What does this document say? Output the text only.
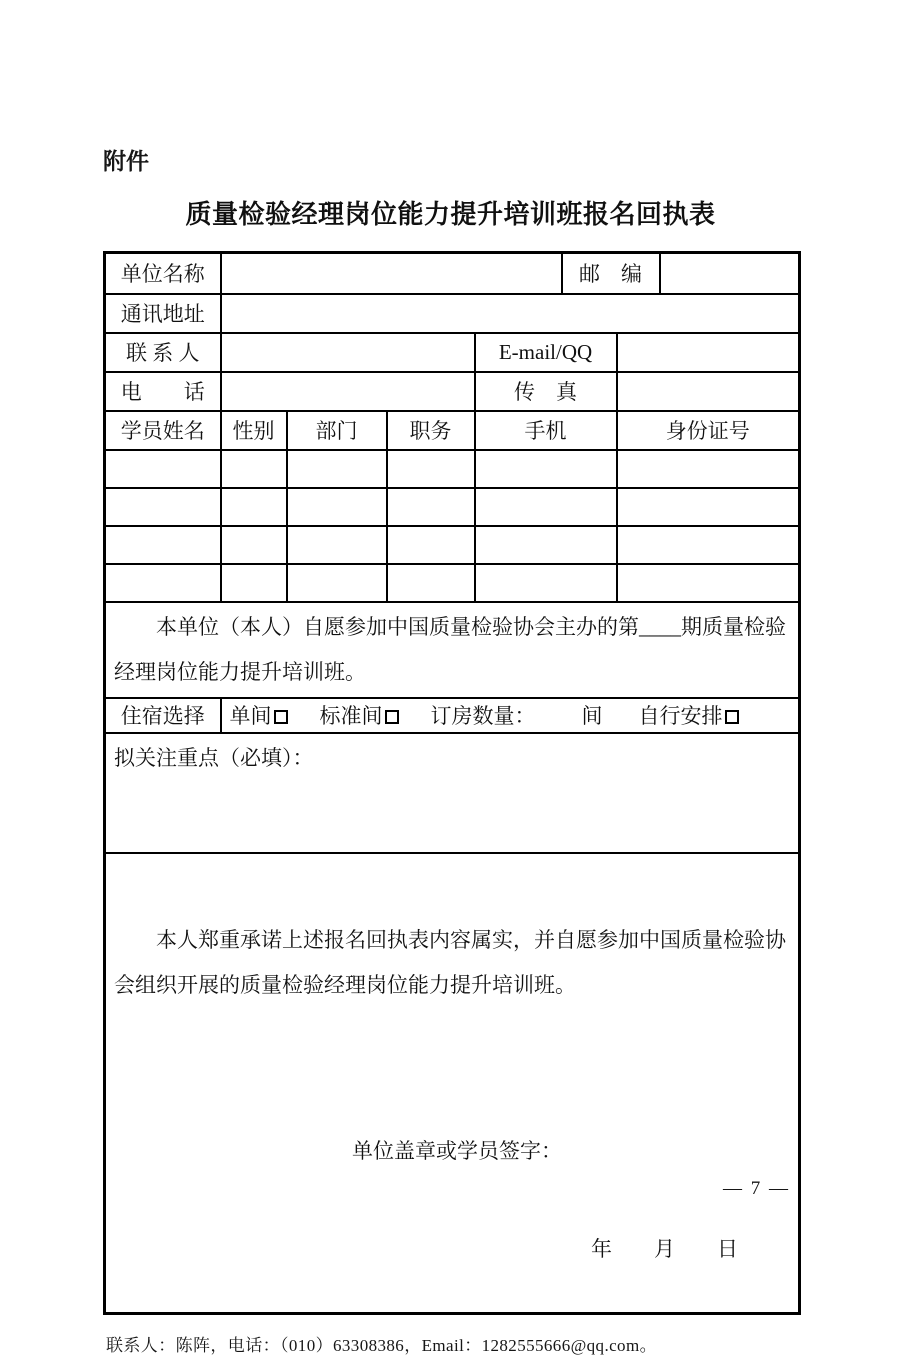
附件
质量检验经理岗位能力提升培训班报名回执表
单位名称					邮　编		
通讯地址							
联 系 人				E-mail/QQ			
电　　话				传　真			
学员姓名	性别	部门	职务	手机		身份证号	

本单位（本人）自愿参加中国质量检验协会主办的第____期质量检验经理岗位能力提升培训班。							
住宿选择	单间 标准间 订房数量： 间 自行安排						
拟关注重点（必填）：							

本人郑重承诺上述报名回执表内容属实，并自愿参加中国质量检验协会组织开展的质量检验经理岗位能力提升培训班。

单位盖章或学员签字：

年　　月　　日							

联系人：陈阵，电话：（010）63308386，Email：1282555666@qq.com。
— 7 —
